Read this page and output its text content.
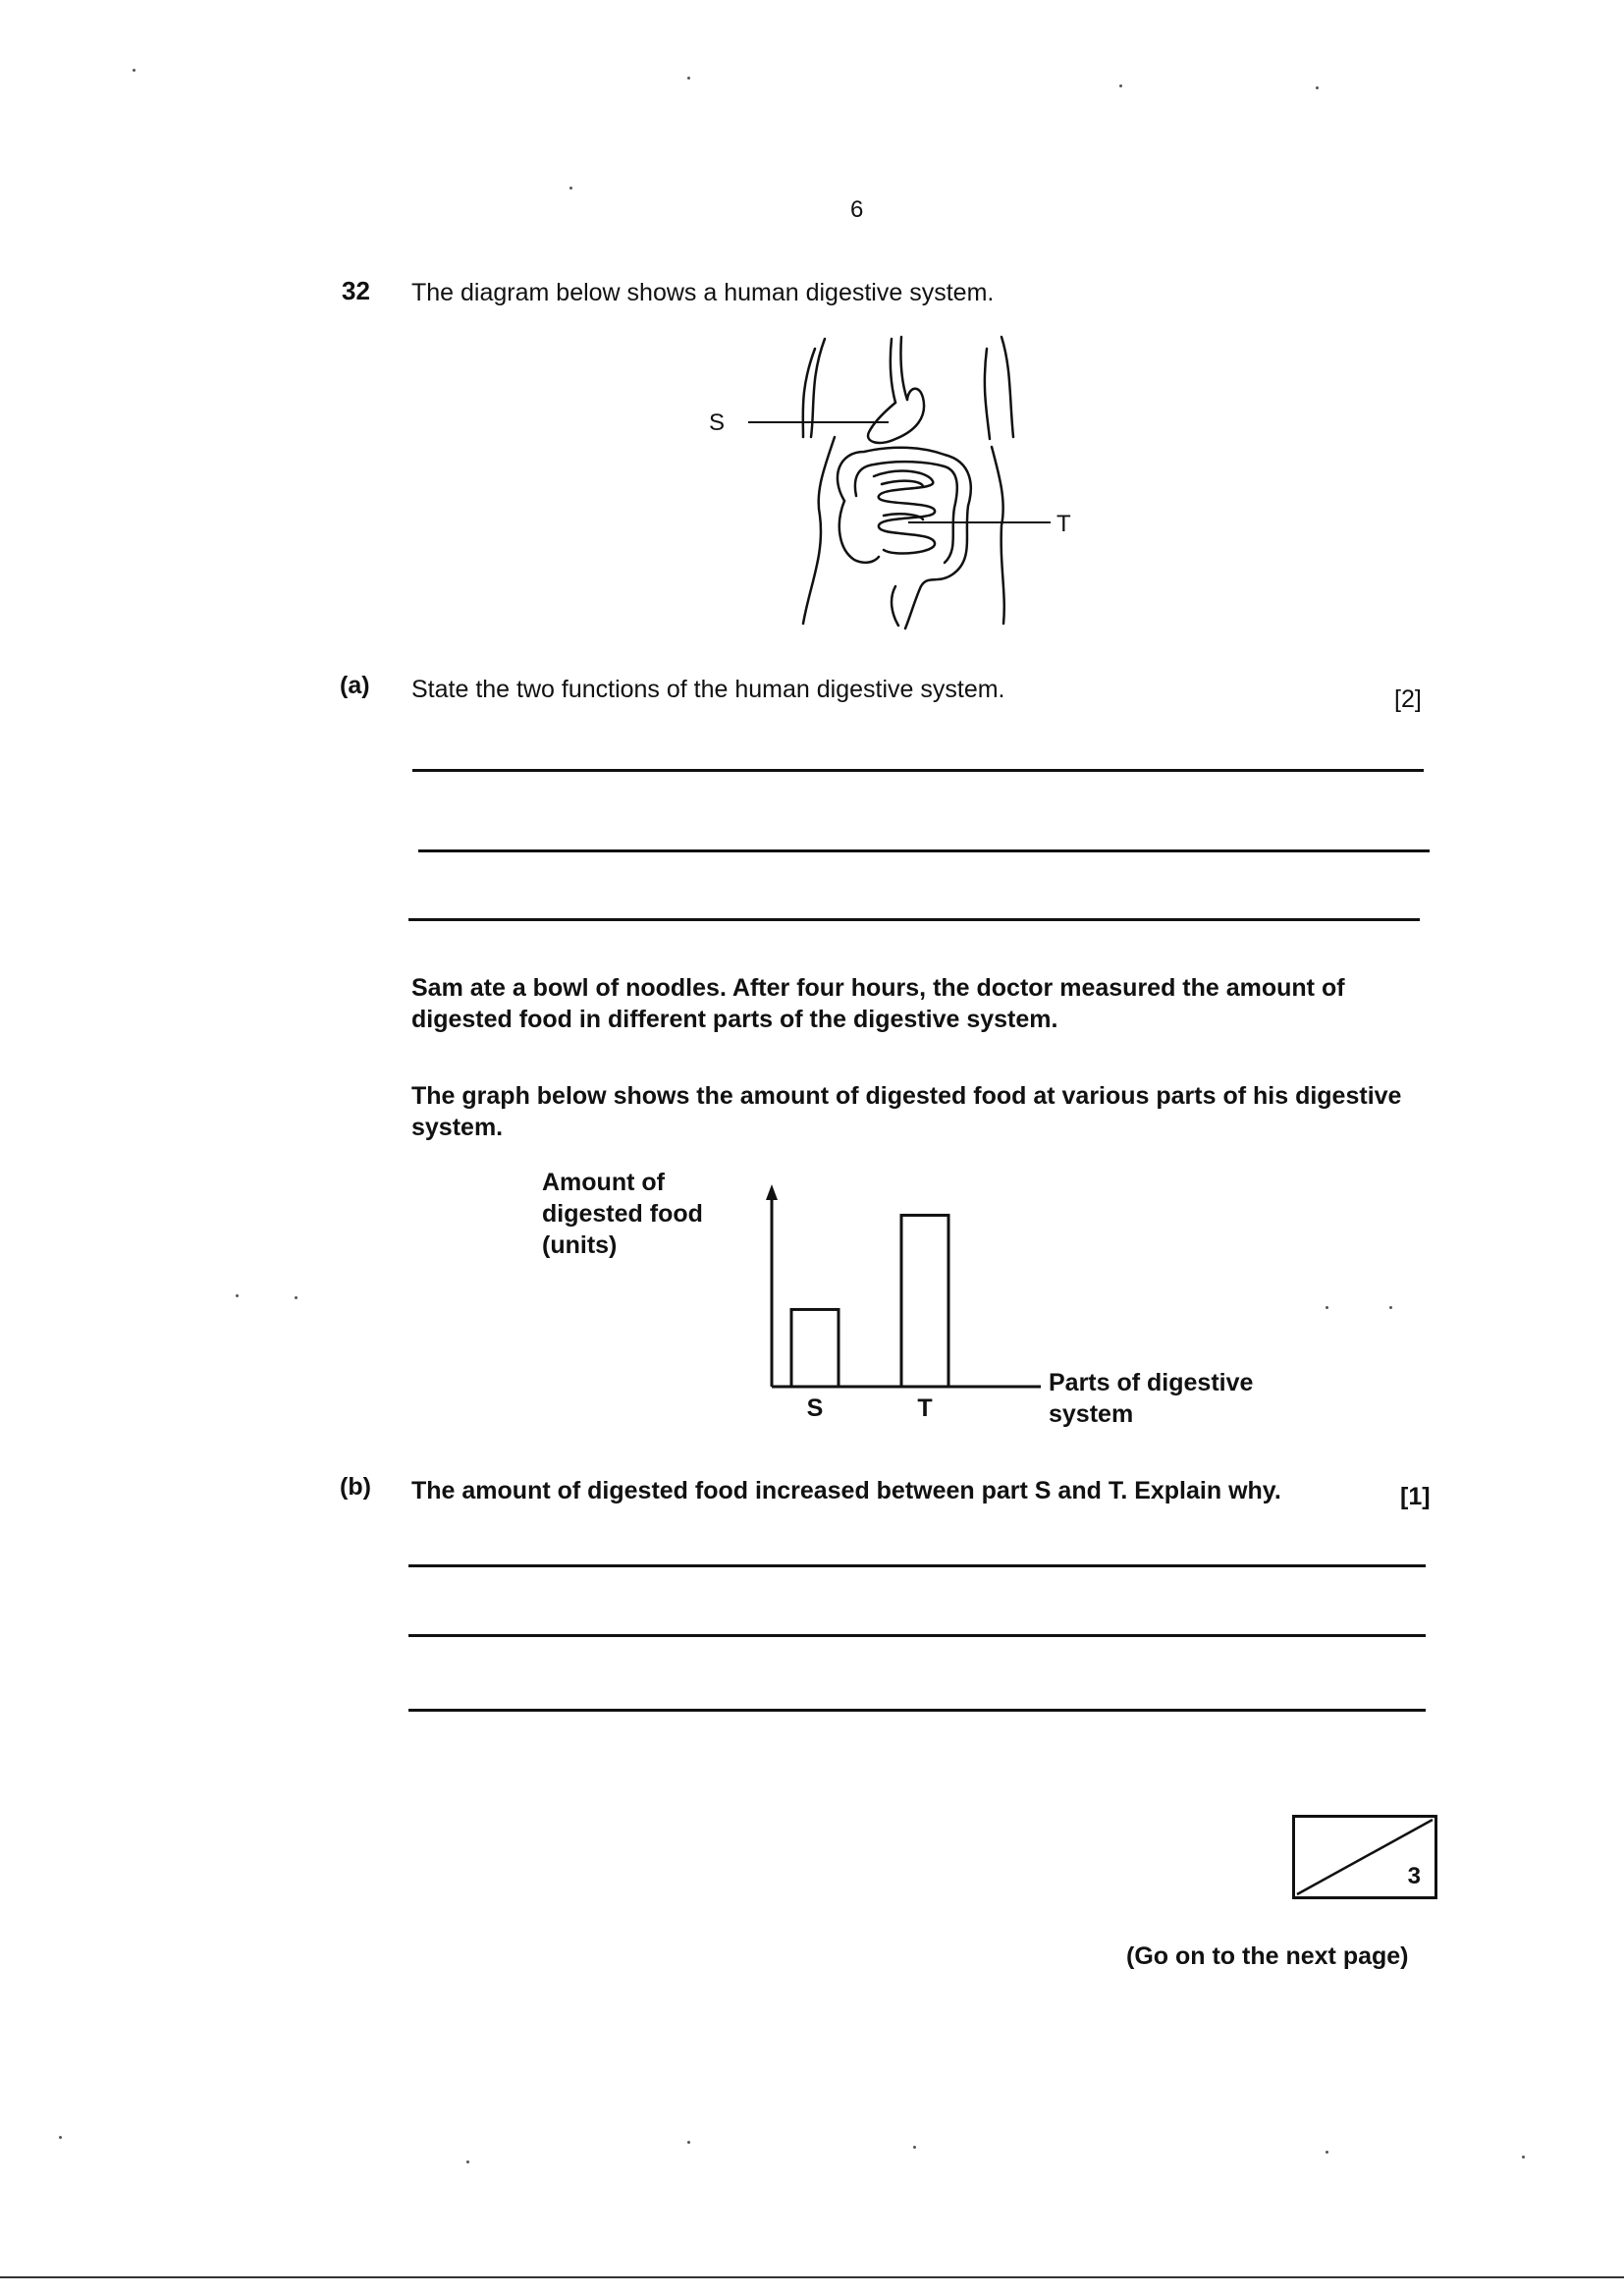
6
32 The diagram below shows a human digestive system.
S
T
(a) State the two functions of the human digestive system.	[2]
Sam ate a bowl of noodles. After four hours, the doctor measured the amount of digested food in different parts of the digestive system.
The graph below shows the amount of digested food at various parts of his digestive system.
S	T
Amount of
digested food
(units)
Parts of digestive
system
(b) The amount of digested food increased between part S and T. Explain why.	[1]
3
(Go on to the next page)
